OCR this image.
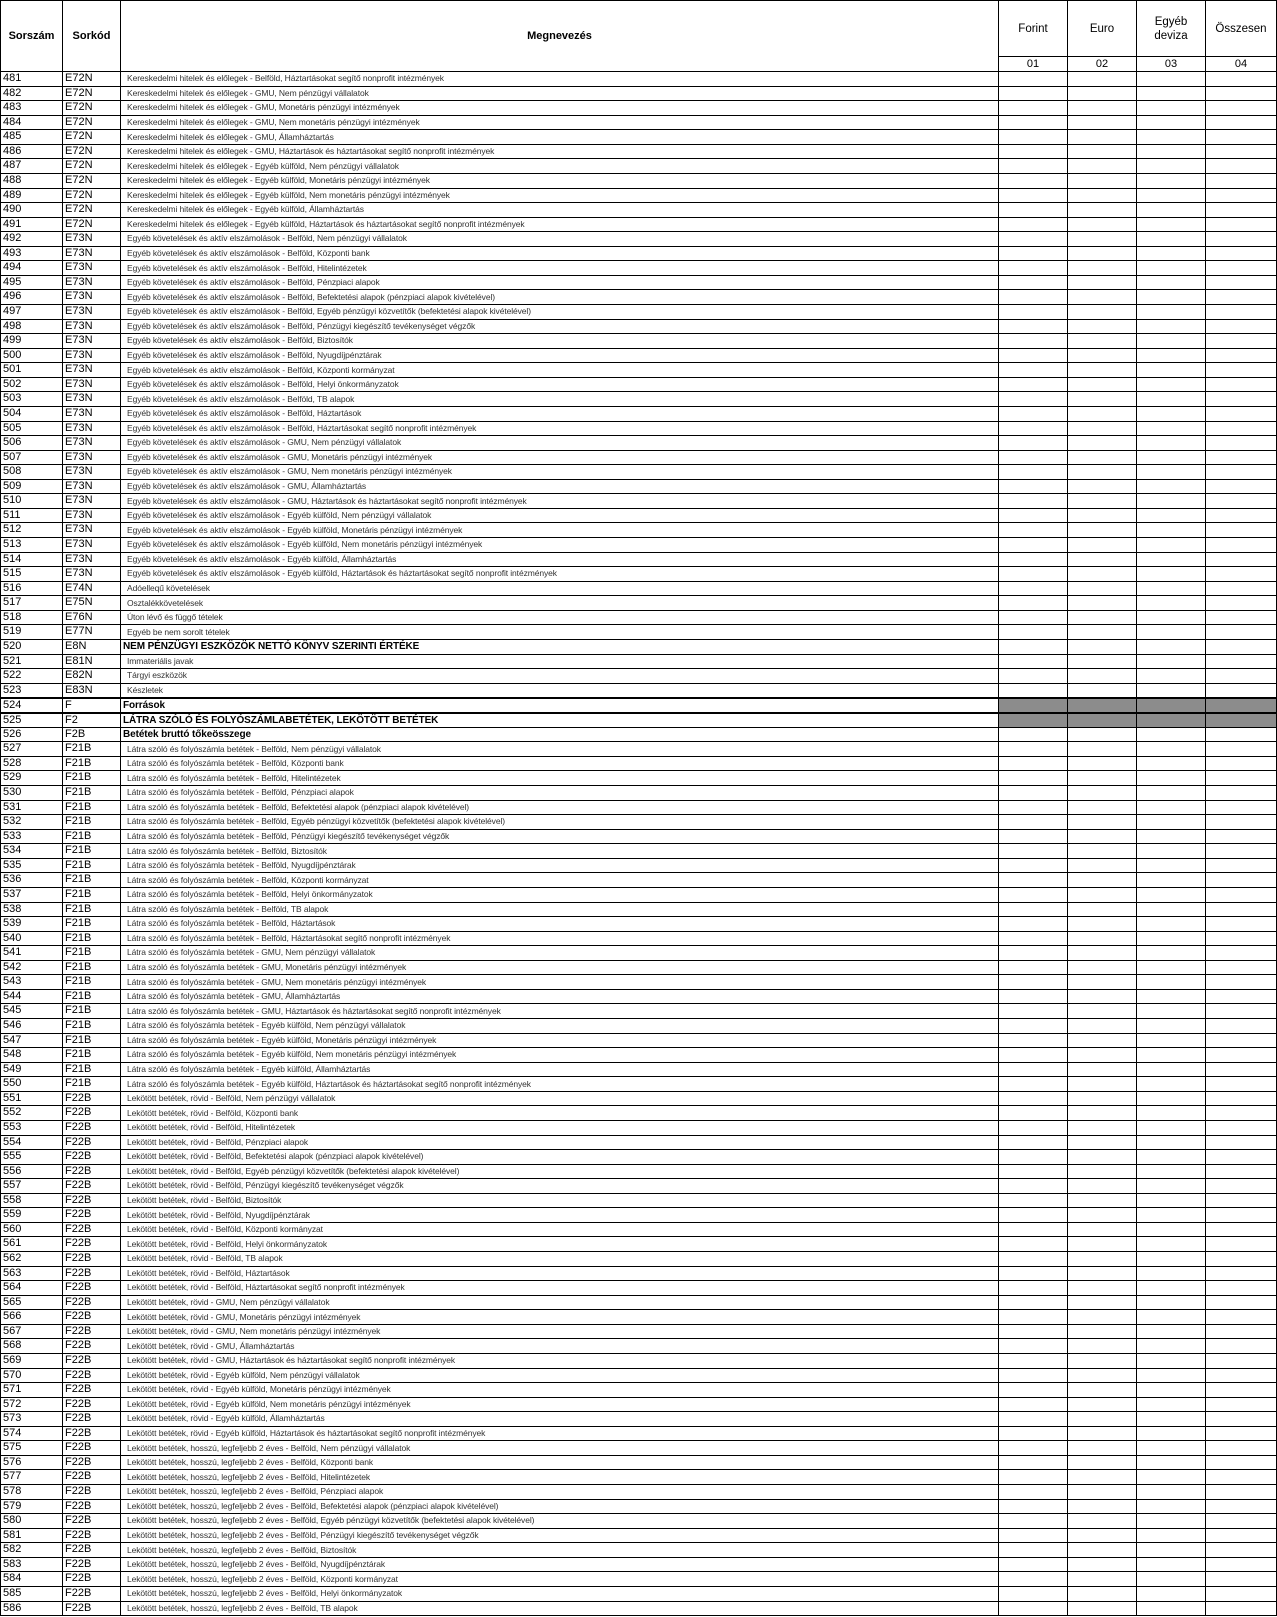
Sorszám	Sorkód	Megnevezés	Forint	Euro	Egyéb deviza	Összesen
			01	02	03	04
481	E72N	Kereskedelmi hitelek és előlegek - Belföld, Háztartásokat segítő nonprofit intézmények				
482	E72N	Kereskedelmi hitelek és előlegek - GMU, Nem pénzügyi vállalatok				
483	E72N	Kereskedelmi hitelek és előlegek - GMU, Monetáris pénzügyi intézmények				
484	E72N	Kereskedelmi hitelek és előlegek - GMU, Nem monetáris pénzügyi intézmények				
485	E72N	Kereskedelmi hitelek és előlegek - GMU, Államháztartás				
486	E72N	Kereskedelmi hitelek és előlegek - GMU, Háztartások és háztartásokat segítő nonprofit intézmények				
487	E72N	Kereskedelmi hitelek és előlegek - Egyéb külföld, Nem pénzügyi vállalatok				
488	E72N	Kereskedelmi hitelek és előlegek - Egyéb külföld, Monetáris pénzügyi intézmények				
489	E72N	Kereskedelmi hitelek és előlegek - Egyéb külföld, Nem monetáris pénzügyi intézmények				
490	E72N	Kereskedelmi hitelek és előlegek - Egyéb külföld, Államháztartás				
491	E72N	Kereskedelmi hitelek és előlegek - Egyéb külföld, Háztartások és háztartásokat segítő nonprofit intézmények				
492	E73N	Egyéb követelések és aktív elszámolások - Belföld, Nem pénzügyi vállalatok				
493	E73N	Egyéb követelések és aktív elszámolások - Belföld, Központi bank				
494	E73N	Egyéb követelések és aktív elszámolások - Belföld, Hitelintézetek				
495	E73N	Egyéb követelések és aktív elszámolások - Belföld, Pénzpiaci alapok				
496	E73N	Egyéb követelések és aktív elszámolások - Belföld, Befektetési alapok (pénzpiaci alapok kivételével)				
497	E73N	Egyéb követelések és aktív elszámolások - Belföld, Egyéb pénzügyi közvetítők (befektetési alapok kivételével)				
498	E73N	Egyéb követelések és aktív elszámolások - Belföld, Pénzügyi kiegészítő tevékenységet végzők				
499	E73N	Egyéb követelések és aktív elszámolások - Belföld, Biztosítók				
500	E73N	Egyéb követelések és aktív elszámolások - Belföld, Nyugdíjpénztárak				
501	E73N	Egyéb követelések és aktív elszámolások - Belföld, Központi kormányzat				
502	E73N	Egyéb követelések és aktív elszámolások - Belföld, Helyi önkormányzatok				
503	E73N	Egyéb követelések és aktív elszámolások - Belföld, TB alapok				
504	E73N	Egyéb követelések és aktív elszámolások - Belföld, Háztartások				
505	E73N	Egyéb követelések és aktív elszámolások - Belföld, Háztartásokat segítő nonprofit intézmények				
506	E73N	Egyéb követelések és aktív elszámolások - GMU, Nem pénzügyi vállalatok				
507	E73N	Egyéb követelések és aktív elszámolások - GMU, Monetáris pénzügyi intézmények				
508	E73N	Egyéb követelések és aktív elszámolások - GMU, Nem monetáris pénzügyi intézmények				
509	E73N	Egyéb követelések és aktív elszámolások - GMU, Államháztartás				
510	E73N	Egyéb követelések és aktív elszámolások - GMU, Háztartások és háztartásokat segítő nonprofit intézmények				
511	E73N	Egyéb követelések és aktív elszámolások - Egyéb külföld, Nem pénzügyi vállalatok				
512	E73N	Egyéb követelések és aktív elszámolások - Egyéb külföld, Monetáris pénzügyi intézmények				
513	E73N	Egyéb követelések és aktív elszámolások - Egyéb külföld, Nem monetáris pénzügyi intézmények				
514	E73N	Egyéb követelések és aktív elszámolások - Egyéb külföld, Államháztartás				
515	E73N	Egyéb követelések és aktív elszámolások - Egyéb külföld, Háztartások és háztartásokat segítő nonprofit intézmények				
516	E74N	Adóelleqű követelések				
517	E75N	Osztalékkövetelések				
518	E76N	Úton lévő és függő tételek				
519	E77N	Egyéb be nem sorolt tételek				
520	E8N	NEM PÉNZÜGYI ESZKÖZÖK NETTÓ KÖNYV SZERINTI ÉRTÉKE				
521	E81N	Immateriális javak				
522	E82N	Tárgyi eszközök				
523	E83N	Készletek				
524	F	Források				
525	F2	LÁTRA SZÓLÓ ÉS FOLYÓSZÁMLABETÉTEK, LEKÖTÖTT BETÉTEK				
526	F2B	Betétek bruttó tőkeösszege				
527	F21B	Látra szóló és folyószámla betétek - Belföld, Nem pénzügyi vállalatok				
528	F21B	Látra szóló és folyószámla betétek - Belföld, Központi bank				
529	F21B	Látra szóló és folyószámla betétek - Belföld, Hitelintézetek				
530	F21B	Látra szóló és folyószámla betétek - Belföld, Pénzpiaci alapok				
531	F21B	Látra szóló és folyószámla betétek - Belföld, Befektetési alapok (pénzpiaci alapok kivételével)				
532	F21B	Látra szóló és folyószámla betétek - Belföld, Egyéb pénzügyi közvetítők (befektetési alapok kivételével)				
533	F21B	Látra szóló és folyószámla betétek - Belföld, Pénzügyi kiegészítő tevékenységet végzők				
534	F21B	Látra szóló és folyószámla betétek - Belföld, Biztosítók				
535	F21B	Látra szóló és folyószámla betétek - Belföld, Nyugdíjpénztárak				
536	F21B	Látra szóló és folyószámla betétek - Belföld, Központi kormányzat				
537	F21B	Látra szóló és folyószámla betétek - Belföld, Helyi önkormányzatok				
538	F21B	Látra szóló és folyószámla betétek - Belföld, TB alapok				
539	F21B	Látra szóló és folyószámla betétek - Belföld, Háztartások				
540	F21B	Látra szóló és folyószámla betétek - Belföld, Háztartásokat segítő nonprofit intézmények				
541	F21B	Látra szóló és folyószámla betétek - GMU, Nem pénzügyi vállalatok				
542	F21B	Látra szóló és folyószámla betétek - GMU, Monetáris pénzügyi intézmények				
543	F21B	Látra szóló és folyószámla betétek - GMU, Nem monetáris pénzügyi intézmények				
544	F21B	Látra szóló és folyószámla betétek - GMU, Államháztartás				
545	F21B	Látra szóló és folyószámla betétek - GMU, Háztartások és háztartásokat segítő nonprofit intézmények				
546	F21B	Látra szóló és folyószámla betétek - Egyéb külföld, Nem pénzügyi vállalatok				
547	F21B	Látra szóló és folyószámla betétek - Egyéb külföld, Monetáris pénzügyi intézmények				
548	F21B	Látra szóló és folyószámla betétek - Egyéb külföld, Nem monetáris pénzügyi intézmények				
549	F21B	Látra szóló és folyószámla betétek - Egyéb külföld, Államháztartás				
550	F21B	Látra szóló és folyószámla betétek - Egyéb külföld, Háztartások és háztartásokat segítő nonprofit intézmények				
551	F22B	Lekötött betétek, rövid - Belföld, Nem pénzügyi vállalatok				
552	F22B	Lekötött betétek, rövid - Belföld, Központi bank				
553	F22B	Lekötött betétek, rövid - Belföld, Hitelintézetek				
554	F22B	Lekötött betétek, rövid - Belföld, Pénzpiaci alapok				
555	F22B	Lekötött betétek, rövid - Belföld, Befektetési alapok (pénzpiaci alapok kivételével)				
556	F22B	Lekötött betétek, rövid - Belföld, Egyéb pénzügyi közvetítők (befektetési alapok kivételével)				
557	F22B	Lekötött betétek, rövid - Belföld, Pénzügyi kiegészítő tevékenységet végzők				
558	F22B	Lekötött betétek, rövid - Belföld, Biztosítók				
559	F22B	Lekötött betétek, rövid - Belföld, Nyugdíjpénztárak				
560	F22B	Lekötött betétek, rövid - Belföld, Központi kormányzat				
561	F22B	Lekötött betétek, rövid - Belföld, Helyi önkormányzatok				
562	F22B	Lekötött betétek, rövid - Belföld, TB alapok				
563	F22B	Lekötött betétek, rövid - Belföld, Háztartások				
564	F22B	Lekötött betétek, rövid - Belföld, Háztartásokat segítő nonprofit intézmények				
565	F22B	Lekötött betétek, rövid - GMU, Nem pénzügyi vállalatok				
566	F22B	Lekötött betétek, rövid - GMU, Monetáris pénzügyi intézmények				
567	F22B	Lekötött betétek, rövid - GMU, Nem monetáris pénzügyi intézmények				
568	F22B	Lekötött betétek, rövid - GMU, Államháztartás				
569	F22B	Lekötött betétek, rövid - GMU, Háztartások és háztartásokat segítő nonprofit intézmények				
570	F22B	Lekötött betétek, rövid - Egyéb külföld, Nem pénzügyi vállalatok				
571	F22B	Lekötött betétek, rövid - Egyéb külföld, Monetáris pénzügyi intézmények				
572	F22B	Lekötött betétek, rövid - Egyéb külföld, Nem monetáris pénzügyi intézmények				
573	F22B	Lekötött betétek, rövid - Egyéb külföld, Államháztartás				
574	F22B	Lekötött betétek, rövid - Egyéb külföld, Háztartások és háztartásokat segítő nonprofit intézmények				
575	F22B	Lekötött betétek, hosszú, legfeljebb 2 éves - Belföld, Nem pénzügyi vállalatok				
576	F22B	Lekötött betétek, hosszú, legfeljebb 2 éves - Belföld, Központi bank				
577	F22B	Lekötött betétek, hosszú, legfeljebb 2 éves - Belföld, Hitelintézetek				
578	F22B	Lekötött betétek, hosszú, legfeljebb 2 éves - Belföld, Pénzpiaci alapok				
579	F22B	Lekötött betétek, hosszú, legfeljebb 2 éves - Belföld, Befektetési alapok (pénzpiaci alapok kivételével)				
580	F22B	Lekötött betétek, hosszú, legfeljebb 2 éves - Belföld, Egyéb pénzügyi közvetítők (befektetési alapok kivételével)				
581	F22B	Lekötött betétek, hosszú, legfeljebb 2 éves - Belföld, Pénzügyi kiegészítő tevékenységet végzők				
582	F22B	Lekötött betétek, hosszú, legfeljebb 2 éves - Belföld, Biztosítók				
583	F22B	Lekötött betétek, hosszú, legfeljebb 2 éves - Belföld, Nyugdíjpénztárak				
584	F22B	Lekötött betétek, hosszú, legfeljebb 2 éves - Belföld, Központi kormányzat				
585	F22B	Lekötött betétek, hosszú, legfeljebb 2 éves - Belföld, Helyi önkormányzatok				
586	F22B	Lekötött betétek, hosszú, legfeljebb 2 éves - Belföld, TB alapok				
